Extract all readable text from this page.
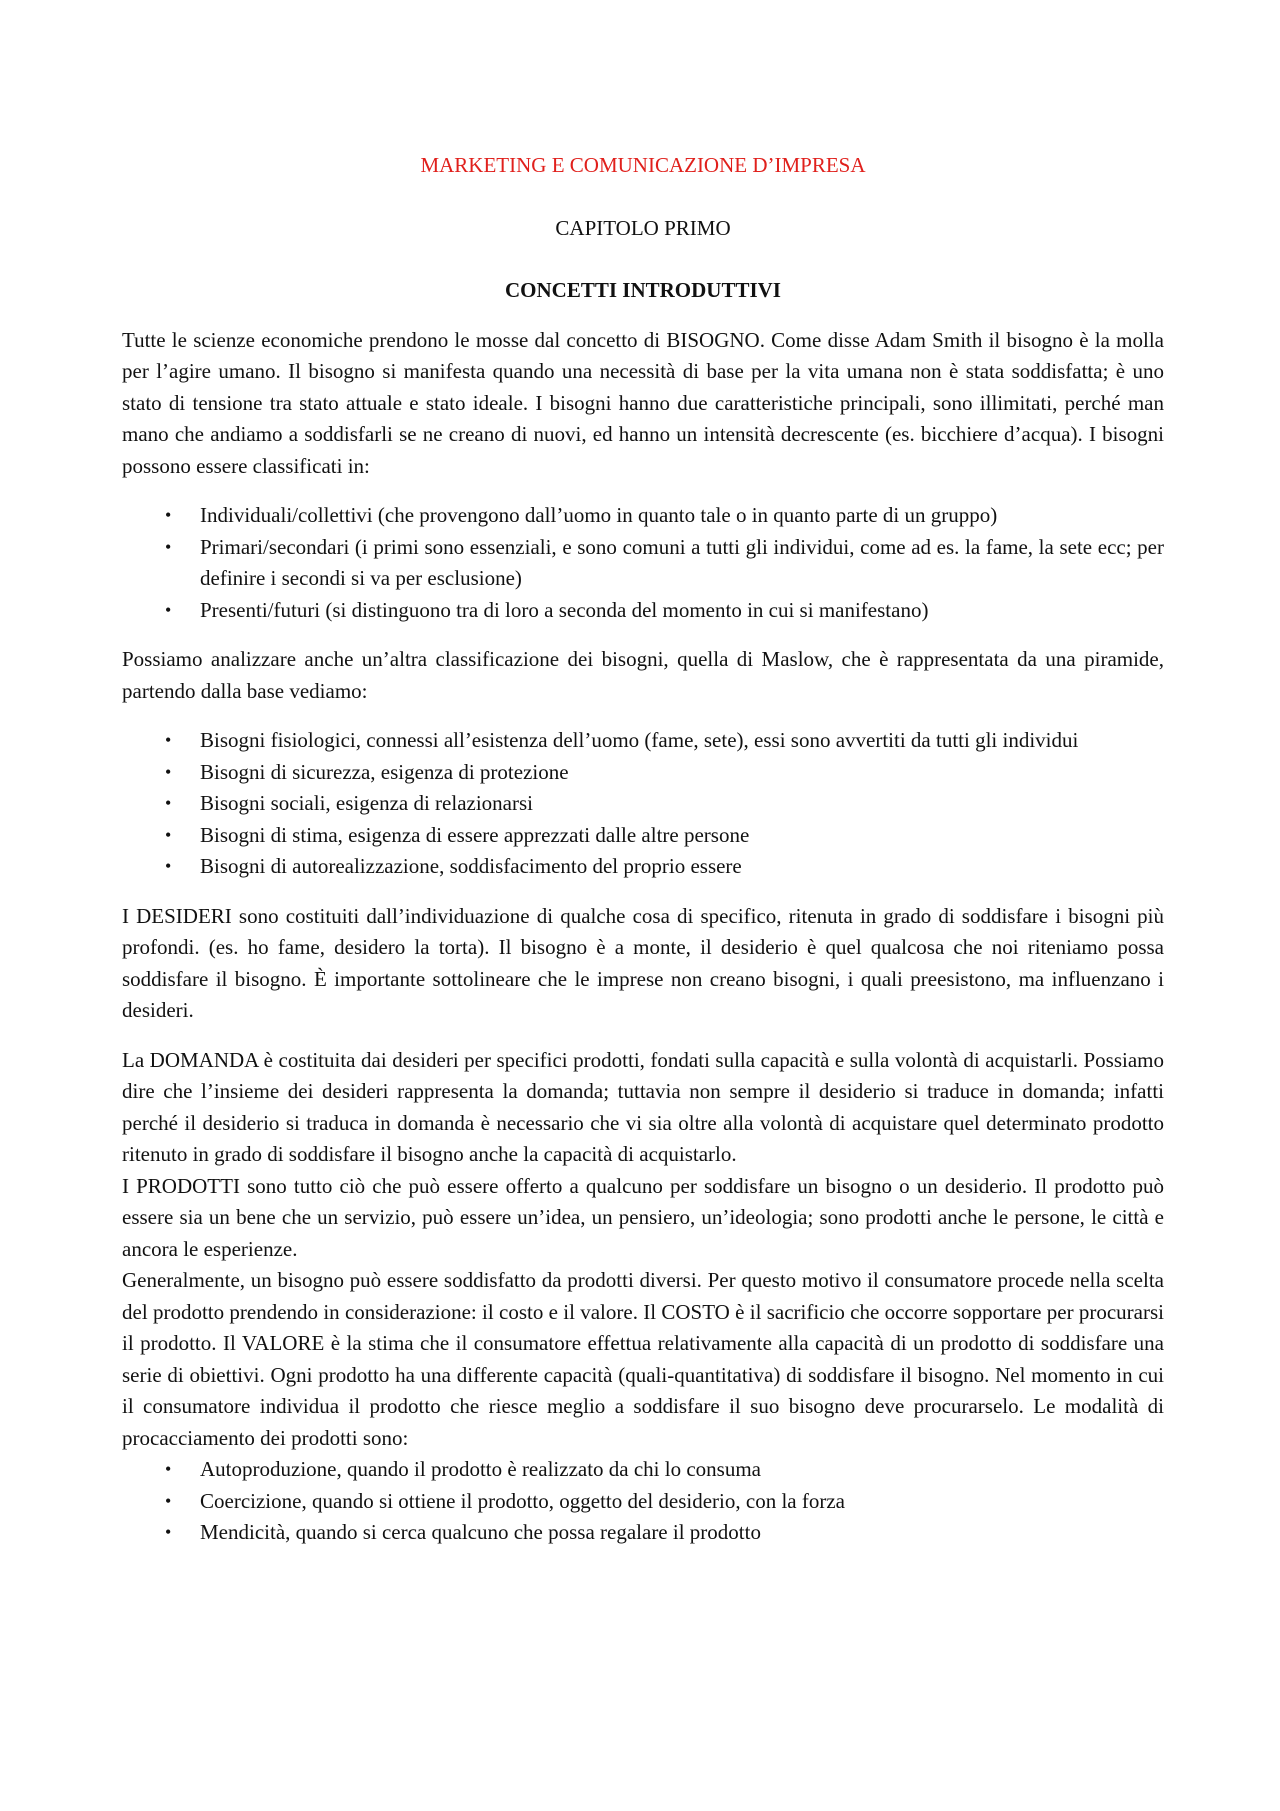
MARKETING E COMUNICAZIONE D’IMPRESA
CAPITOLO PRIMO
CONCETTI INTRODUTTIVI

Tutte le scienze economiche prendono le mosse dal concetto di BISOGNO. Come disse Adam Smith il bisogno è la molla per l’agire umano. Il bisogno si manifesta quando una necessità di base per la vita umana non è stata soddisfatta; è uno stato di tensione tra stato attuale e stato ideale. I bisogni hanno due caratteristiche principali, sono illimitati, perché man mano che andiamo a soddisfarli se ne creano di nuovi, ed hanno un intensità decrescente (es. bicchiere d’acqua). I bisogni possono essere classificati in:

• Individuali/collettivi (che provengono dall’uomo in quanto tale o in quanto parte di un gruppo)
• Primari/secondari (i primi sono essenziali, e sono comuni a tutti gli individui, come ad es. la fame, la sete ecc; per definire i secondi si va per esclusione)
• Presenti/futuri (si distinguono tra di loro a seconda del momento in cui si manifestano)

Possiamo analizzare anche un’altra classificazione dei bisogni, quella di Maslow, che è rappresentata da una piramide, partendo dalla base vediamo:

• Bisogni fisiologici, connessi all’esistenza dell’uomo (fame, sete), essi sono avvertiti da tutti gli individui
• Bisogni di sicurezza, esigenza di protezione
• Bisogni sociali, esigenza di relazionarsi
• Bisogni di stima, esigenza di essere apprezzati dalle altre persone
• Bisogni di autorealizzazione, soddisfacimento del proprio essere

I DESIDERI sono costituiti dall’individuazione di qualche cosa di specifico, ritenuta in grado di soddisfare i bisogni più profondi. (es. ho fame, desidero la torta). Il bisogno è a monte, il desiderio è quel qualcosa che noi riteniamo possa soddisfare il bisogno. È importante sottolineare che le imprese non creano bisogni, i quali preesistono, ma influenzano i desideri.

La DOMANDA è costituita dai desideri per specifici prodotti, fondati sulla capacità e sulla volontà di acquistarli. Possiamo dire che l’insieme dei desideri rappresenta la domanda; tuttavia non sempre il desiderio si traduce in domanda; infatti perché il desiderio si traduca in domanda è necessario che vi sia oltre alla volontà di acquistare quel determinato prodotto ritenuto in grado di soddisfare il bisogno anche la capacità di acquistarlo.

I PRODOTTI sono tutto ciò che può essere offerto a qualcuno per soddisfare un bisogno o un desiderio. Il prodotto può essere sia un bene che un servizio, può essere un’idea, un pensiero, un’ideologia; sono prodotti anche le persone, le città e ancora le esperienze.

Generalmente, un bisogno può essere soddisfatto da prodotti diversi. Per questo motivo il consumatore procede nella scelta del prodotto prendendo in considerazione: il costo e il valore. Il COSTO è il sacrificio che occorre sopportare per procurarsi il prodotto. Il VALORE è la stima che il consumatore effettua relativamente alla capacità di un prodotto di soddisfare una serie di obiettivi. Ogni prodotto ha una differente capacità (quali-quantitativa) di soddisfare il bisogno. Nel momento in cui il consumatore individua il prodotto che riesce meglio a soddisfare il suo bisogno deve procurarselo. Le modalità di procacciamento dei prodotti sono:

• Autoproduzione, quando il prodotto è realizzato da chi lo consuma
• Coercizione, quando si ottiene il prodotto, oggetto del desiderio, con la forza
• Mendicità, quando si cerca qualcuno che possa regalare il prodotto
